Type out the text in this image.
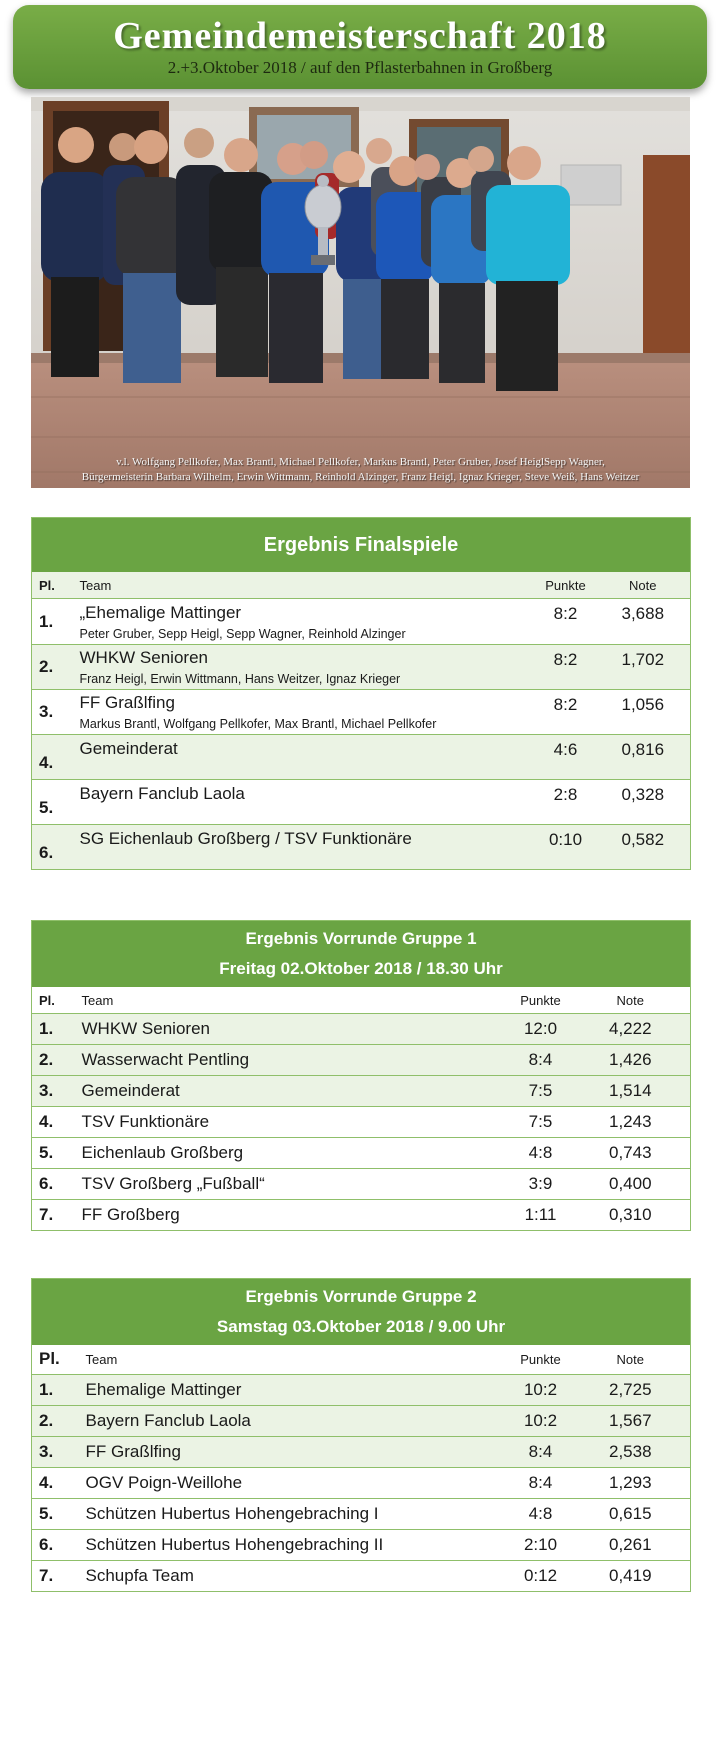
Gemeindemeisterschaft 2018
2.+3.Oktober 2018 / auf den Pflasterbahnen in Großberg
v.l. Wolfgang Pellkofer, Max Brantl, Michael Pellkofer, Markus Brantl, Peter Gruber, Josef HeiglSepp Wagner,
Bürgermeisterin Barbara Wilhelm, Erwin Wittmann, Reinhold Alzinger, Franz Heigl, Ignaz Krieger, Steve Weiß, Hans Weitzer
Ergebnis Finalspiele			
Pl.	Team	Punkte	Note
1.	„Ehemalige Mattinger
Peter Gruber, Sepp Heigl, Sepp Wagner, Reinhold Alzinger	8:2	3,688
2.	WHKW Senioren
Franz Heigl, Erwin Wittmann, Hans Weitzer, Ignaz Krieger	8:2	1,702
3.	FF Graßlfing
Markus Brantl, Wolfgang Pellkofer, Max Brantl, Michael Pellkofer	8:2	1,056
4.	Gemeinderat	4:6	0,816
5.	Bayern Fanclub Laola	2:8	0,328
6.	SG Eichenlaub Großberg / TSV Funktionäre	0:10	0,582
Ergebnis Vorrunde Gruppe 1
Freitag 02.Oktober 2018 / 18.30 Uhr			

Pl.	Team	Punkte	Note
1.	WHKW Senioren	12:0	4,222
2.	Wasserwacht Pentling	8:4	1,426
3.	Gemeinderat	7:5	1,514
4.	TSV Funktionäre	7:5	1,243
5.	Eichenlaub Großberg	4:8	0,743
6.	TSV Großberg „Fußball“	3:9	0,400
7.	FF Großberg	1:11	0,310
Ergebnis Vorrunde Gruppe 2
Samstag 03.Oktober 2018 / 9.00 Uhr			

Pl.	Team	Punkte	Note
1.	Ehemalige Mattinger	10:2	2,725
2.	Bayern Fanclub Laola	10:2	1,567
3.	FF Graßlfing	8:4	2,538
4.	OGV Poign-Weillohe	8:4	1,293
5.	Schützen Hubertus Hohengebraching I	4:8	0,615
6.	Schützen Hubertus Hohengebraching II	2:10	0,261
7.	Schupfa Team	0:12	0,419
